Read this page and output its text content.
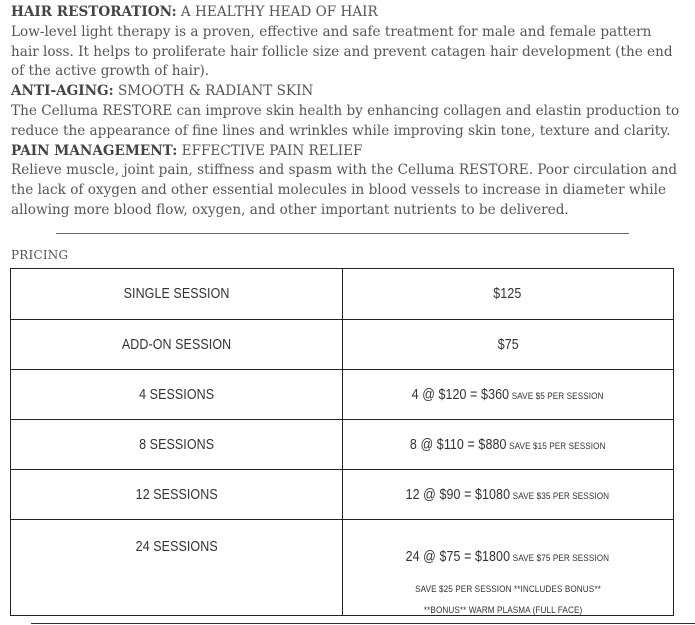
HAIR RESTORATION: A HEALTHY HEAD OF HAIR

Low-level light therapy is a proven, effective and safe treatment for male and female pattern hair loss. It helps to proliferate hair follicle size and prevent catagen hair development (the end of the active growth of hair).

ANTI-AGING: SMOOTH & RADIANT SKIN

The Celluma RESTORE can improve skin health by enhancing collagen and elastin production to reduce the appearance of fine lines and wrinkles while improving skin tone, texture and clarity.

PAIN MANAGEMENT: EFFECTIVE PAIN RELIEF

Relieve muscle, joint pain, stiffness and spasm with the Celluma RESTORE. Poor circulation and the lack of oxygen and other essential molecules in blood vessels to increase in diameter while allowing more blood flow, oxygen, and other important nutrients to be delivered.

PRICING
SINGLE SESSION	$125
ADD-ON SESSION	$75
4 SESSIONS	4 @ $120 = $360 SAVE $5 PER SESSION
8 SESSIONS	8 @ $110 = $880 SAVE $15 PER SESSION
12 SESSIONS	12 @ $90 = $1080 SAVE $35 PER SESSION
24 SESSIONS	24 @ $75 = $1800 SAVE $75 PER SESSION
SAVE $25 PER SESSION **INCLUDES BONUS**
**BONUS** WARM PLASMA (FULL FACE)
